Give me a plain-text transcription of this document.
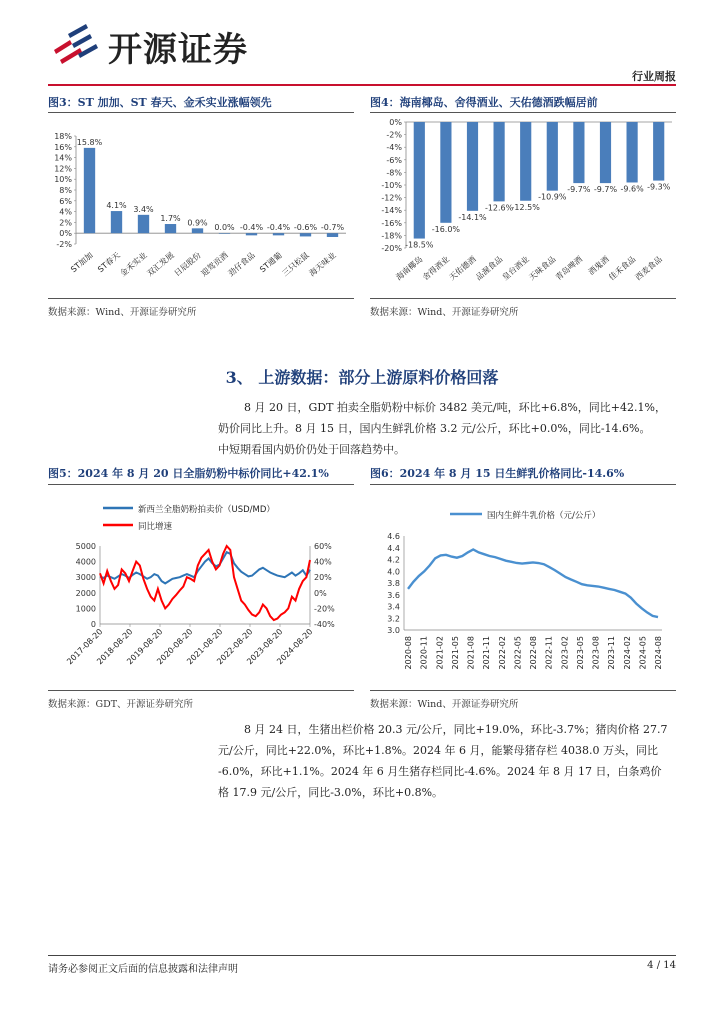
开源证券
行业周报
图3：ST 加加、ST 春天、金禾实业涨幅领先
18%
16%
14%
12%
10%
8%
6%
4%
2%
0%
-2%
15.8%
ST加加
4.1%
ST春天
3.4%
金禾实业
1.7%
双汇发展
0.9%
日辰股份
0.0%
迎驾贡酒
-0.4%
劲仔食品
-0.4%
ST通葡
-0.6%
三只松鼠
-0.7%
海天味业
数据来源：Wind、开源证券研究所
图4：海南椰岛、舍得酒业、天佑德酒跌幅居前
0%
-2%
-4%
-6%
-8%
-10%
-12%
-14%
-16%
-18%
-20% -18.5%
海南椰岛
-16.0%
舍得酒业
-14.1%
天佑德酒
-12.6%
品渥食品
-12.5%
皇台酒业
-10.9%
天味食品
-9.7%
青岛啤酒
-9.7%
酒鬼酒
-9.6%
佳禾食品
-9.3%
西麦食品
数据来源：Wind、开源证券研究所
3、 上游数据：部分上游原料价格回落
8 月 20 日，GDT 拍卖全脂奶粉中标价 3482 美元/吨，环比+6.8%，同比+42.1%，
奶价同比上升。8 月 15 日，国内生鲜乳价格 3.2 元/公斤，环比+0.0%，同比-14.6%。
中短期看国内奶价仍处于回落趋势中。
图5：2024 年 8 月 20 日全脂奶粉中标价同比+42.1%
新西兰全脂奶粉拍卖价（USD/MD）
同比增速
5000
4000
3000
2000
1000
0
60%
40%
20%
0%
-20%
-40%
2017-08-20
2018-08-20
2019-08-20
2020-08-20
2021-08-20
2022-08-20
2023-08-20
2024-08-20
数据来源：GDT、开源证券研究所
图6：2024 年 8 月 15 日生鲜乳价格同比-14.6%
国内生鲜牛乳价格（元/公斤）
4.6
4.4
4.2
4.0
3.8
3.6
3.4
3.2
3.0
2020-08 2020-11 2021-02 2021-05 2021-08 2021-11 2022-02 2022-05 2022-08 2022-11 2023-02 2023-05 2023-08 2023-11 2024-02 2024-05 2024-08
数据来源：Wind、开源证券研究所
8 月 24 日，生猪出栏价格 20.3 元/公斤，同比+19.0%，环比-3.7%；猪肉价格 27.7
元/公斤，同比+22.0%，环比+1.8%。2024 年 6 月，能繁母猪存栏 4038.0 万头，同比
-6.0%，环比+1.1%。2024 年 6 月生猪存栏同比-4.6%。2024 年 8 月 17 日，白条鸡价
格 17.9 元/公斤，同比-3.0%，环比+0.8%。
请务必参阅正文后面的信息披露和法律声明	4 / 14
